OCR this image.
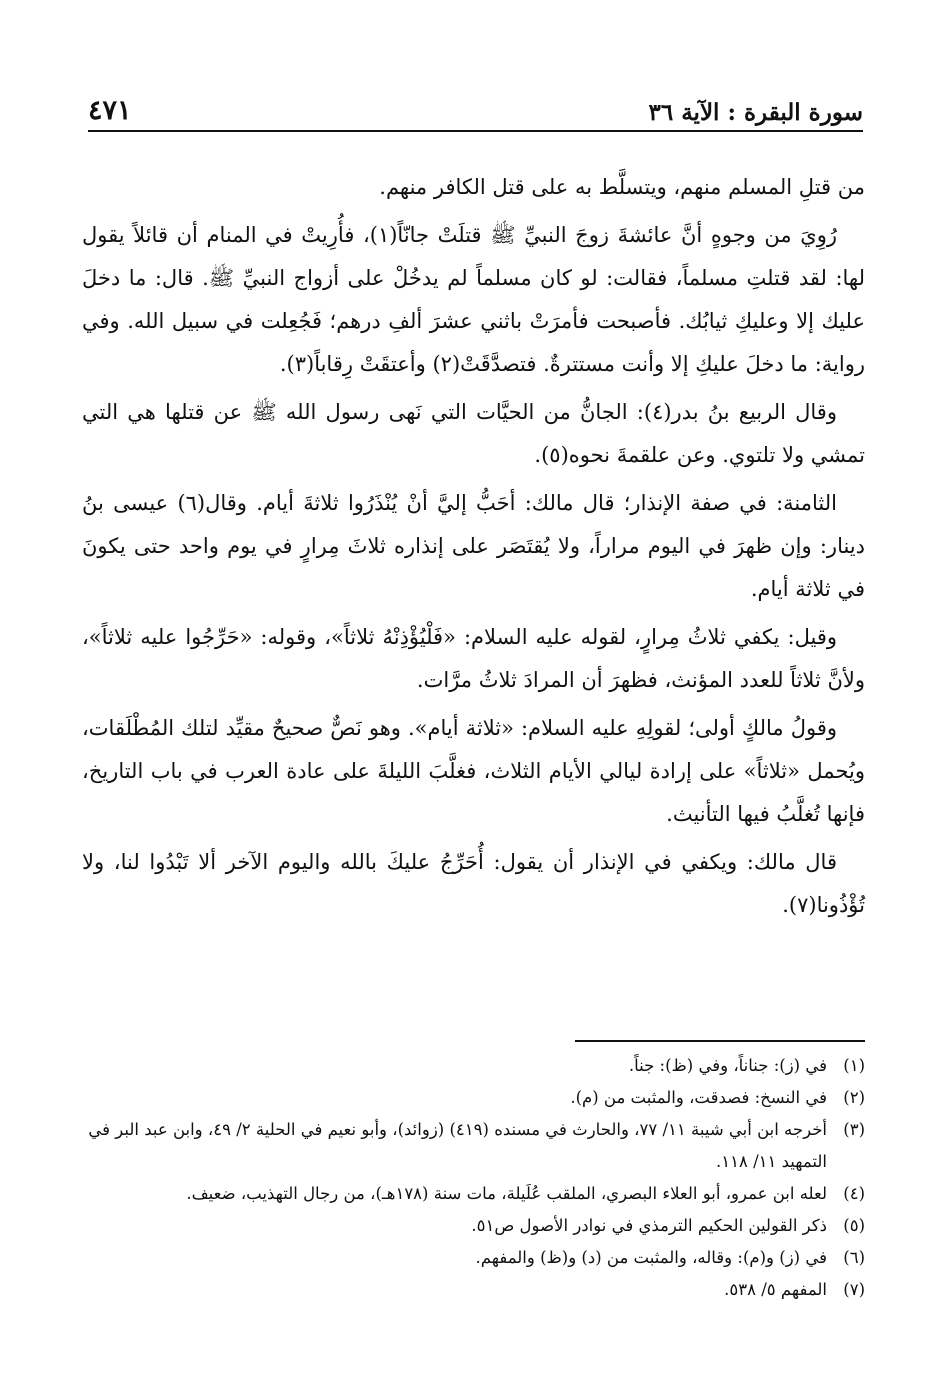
سورة البقرة : الآية ٣٦
٤٧١

من قتلِ المسلم منهم، ويتسلَّط به على قتل الكافر منهم.

رُوِيَ من وجوهٍ أنَّ عائشةَ زوجَ النبيِّ ﷺ قتلَتْ جانّاً(١)، فأُرِيتْ في المنام أن قائلاً يقول لها: لقد قتلتِ مسلماً، فقالت: لو كان مسلماً لم يدخُلْ على أزواج النبيِّ ﷺ. قال: ما دخلَ عليك إلا وعليكِ ثيابُك. فأصبحت فأمرَتْ باثني عشرَ ألفِ درهم؛ فَجُعِلت في سبيل الله. وفي رواية: ما دخلَ عليكِ إلا وأنت مستترةٌ. فتصدَّقَتْ(٢) وأعتقَتْ رِقاباً(٣).

وقال الربيع بنُ بدر(٤): الجانُّ من الحيَّات التي نَهى رسول الله ﷺ عن قتلها هي التي تمشي ولا تلتوي. وعن علقمةَ نحوه(٥).

الثامنة: في صفة الإنذار؛ قال مالك: أحَبُّ إليَّ أنْ يُنْذَرُوا ثلاثةَ أيام. وقال(٦) عيسى بنُ دينار: وإن ظهرَ في اليوم مراراً، ولا يُقتَصَر على إنذاره ثلاثَ مِرارٍ في يوم واحد حتى يكونَ في ثلاثة أيام.

وقيل: يكفي ثلاثُ مِرارٍ، لقوله عليه السلام: «فَلْيُؤْذِنْهُ ثلاثاً»، وقوله: «حَرِّجُوا عليه ثلاثاً»، ولأنَّ ثلاثاً للعدد المؤنث، فظهرَ أن المرادَ ثلاثُ مرَّات.

وقولُ مالكٍ أولى؛ لقولِهِ عليه السلام: «ثلاثة أيام». وهو نَصٌّ صحيحٌ مقيِّد لتلك المُطْلَقات، ويُحمل «ثلاثاً» على إرادة ليالي الأيام الثلاث، فغلَّبَ الليلةَ على عادة العرب في باب التاريخ، فإنها تُغلَّبُ فيها التأنيث.

قال مالك: ويكفي في الإنذار أن يقول: أُحَرِّجُ عليكَ بالله واليوم الآخر ألا تَبْدُوا لنا، ولا تُؤْذُونا(٧).

(١)
في (ز): جناناً، وفي (ظ): جناً.
(٢)
في النسخ: فصدقت، والمثبت من (م).
(٣)
أخرجه ابن أبي شيبة ١١/ ٧٧، والحارث في مسنده (٤١٩) (زوائد)، وأبو نعيم في الحلية ٢/ ٤٩، وابن عبد البر في التمهيد ١١/ ١١٨.
(٤)
لعله ابن عمرو، أبو العلاء البصري، الملقب عُلَيلة، مات سنة (١٧٨هـ)، من رجال التهذيب، ضعيف.
(٥)
ذكر القولين الحكيم الترمذي في نوادر الأصول ص٥١.
(٦)
في (ز) و(م): وقاله، والمثبت من (د) و(ظ) والمفهم.
(٧)
المفهم ٥/ ٥٣٨.
